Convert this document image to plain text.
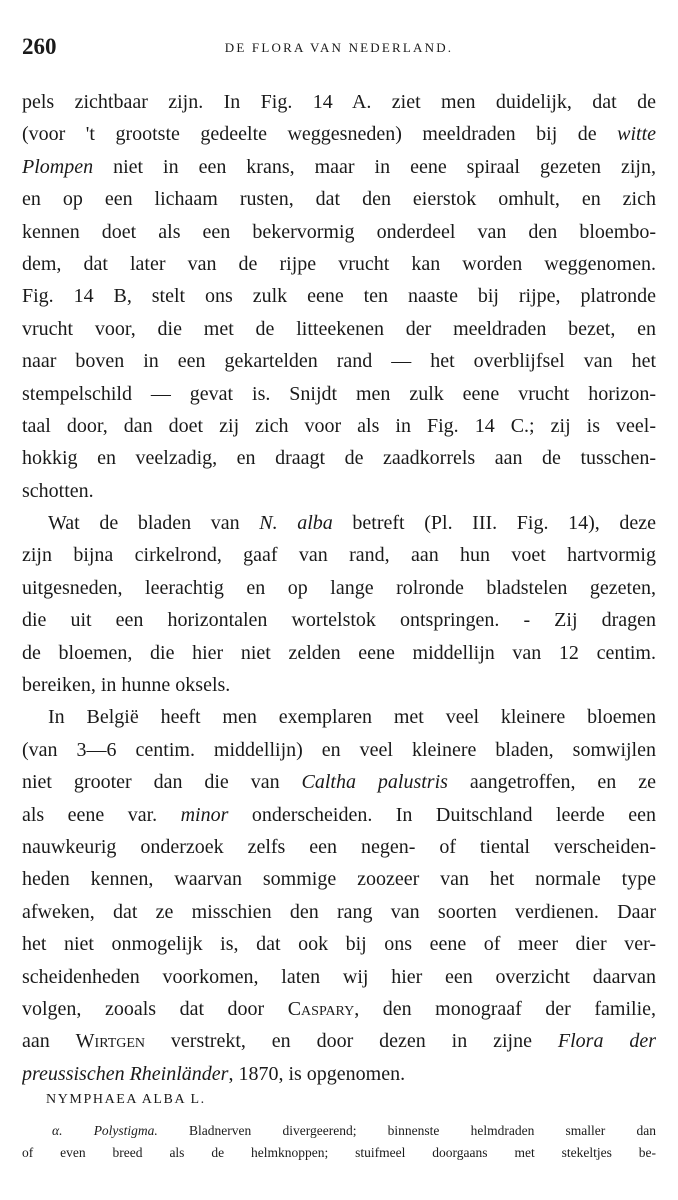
260	DE FLORA VAN NEDERLAND.
pels zichtbaar zijn. In Fig. 14 A. ziet men duidelijk, dat de
(voor 't grootste gedeelte weggesneden) meeldraden bij de witte
Plompen niet in een krans, maar in eene spiraal gezeten zijn,
en op een lichaam rusten, dat den eierstok omhult, en zich
kennen doet als een bekervormig onderdeel van den bloembo-
dem, dat later van de rijpe vrucht kan worden weggenomen.
Fig. 14 B, stelt ons zulk eene ten naaste bij rijpe, platronde
vrucht voor, die met de litteekenen der meeldraden bezet, en
naar boven in een gekartelden rand — het overblijfsel van het
stempelschild — gevat is. Snijdt men zulk eene vrucht horizon-
taal door, dan doet zij zich voor als in Fig. 14 C.; zij is veel-
hokkig en veelzadig, en draagt de zaadkorrels aan de tusschen-
schotten.
Wat de bladen van N. alba betreft (Pl. III. Fig. 14), deze
zijn bijna cirkelrond, gaaf van rand, aan hun voet hartvormig
uitgesneden, leerachtig en op lange rolronde bladstelen gezeten,
die uit een horizontalen wortelstok ontspringen. - Zij dragen
de bloemen, die hier niet zelden eene middellijn van 12 centim.
bereiken, in hunne oksels.
In België heeft men exemplaren met veel kleinere bloemen
(van 3—6 centim. middellijn) en veel kleinere bladen, somwijlen
niet grooter dan die van Caltha palustris aangetroffen, en ze
als eene var. minor onderscheiden. In Duitschland leerde een
nauwkeurig onderzoek zelfs een negen- of tiental verscheiden-
heden kennen, waarvan sommige zoozeer van het normale type
afweken, dat ze misschien den rang van soorten verdienen. Daar
het niet onmogelijk is, dat ook bij ons eene of meer dier ver-
scheidenheden voorkomen, laten wij hier een overzicht daarvan
volgen, zooals dat door Caspary, den monograaf der familie,
aan Wirtgen verstrekt, en door dezen in zijne Flora der
preussischen Rheinländer, 1870, is opgenomen.
NYMPHAEA ALBA L.
α. Polystigma. Bladnerven divergeerend; binnenste helmdraden smaller dan
of even breed als de helmknoppen; stuifmeel doorgaans met stekeltjes be-
